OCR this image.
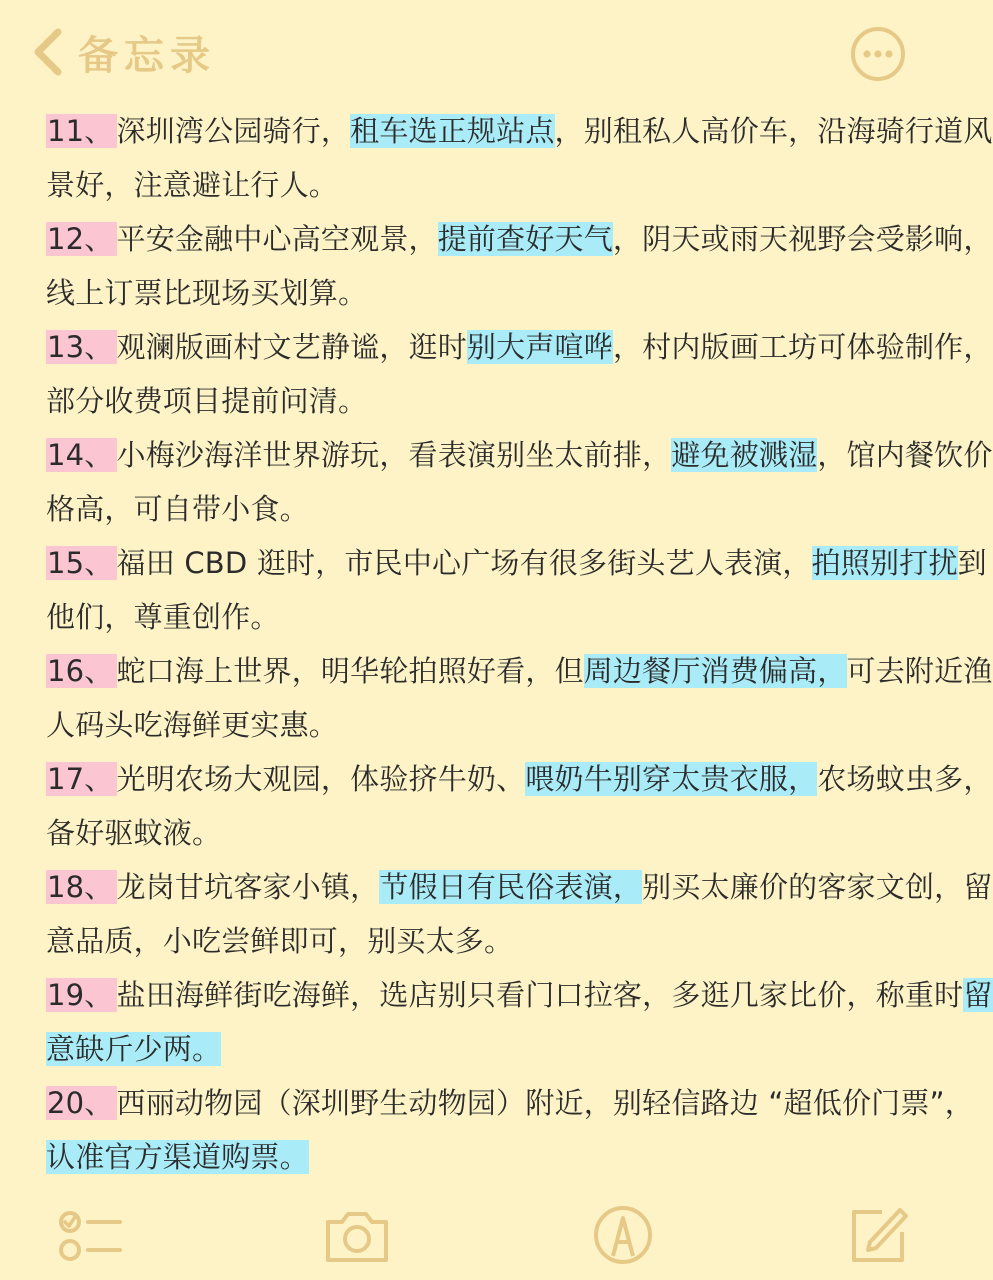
备忘录
11、 深圳湾公园骑行，租车选正规站点，别租私人高价车，沿海骑行道风
景好，注意避让行人。
12、 平安金融中心高空观景，提前查好天气，阴天或雨天视野会受影响，
线上订票比现场买划算。
13、 观澜版画村文艺静谧，逛时别大声喧哗，村内版画工坊可体验制作，
部分收费项目提前问清。
14、 小梅沙海洋世界游玩，看表演别坐太前排，避免被溅湿，馆内餐饮价
格高，可自带小食。
15、 福田 CBD 逛时，市民中心广场有很多街头艺人表演，拍照别打扰到
他们，尊重创作。
16、 蛇口海上世界，明华轮拍照好看，但周边餐厅消费偏高，可去附近渔
人码头吃海鲜更实惠。
17、 光明农场大观园，体验挤牛奶、喂奶牛别穿太贵衣服，农场蚊虫多，
备好驱蚊液。
18、 龙岗甘坑客家小镇，节假日有民俗表演，别买太廉价的客家文创，留
意品质，小吃尝鲜即可，别买太多。
19、 盐田海鲜街吃海鲜，选店别只看门口拉客，多逛几家比价，称重时留
意缺斤少两。
20、 西丽动物园（深圳野生动物园）附近，别轻信路边 “超低价门票”，
认准官方渠道购票。
